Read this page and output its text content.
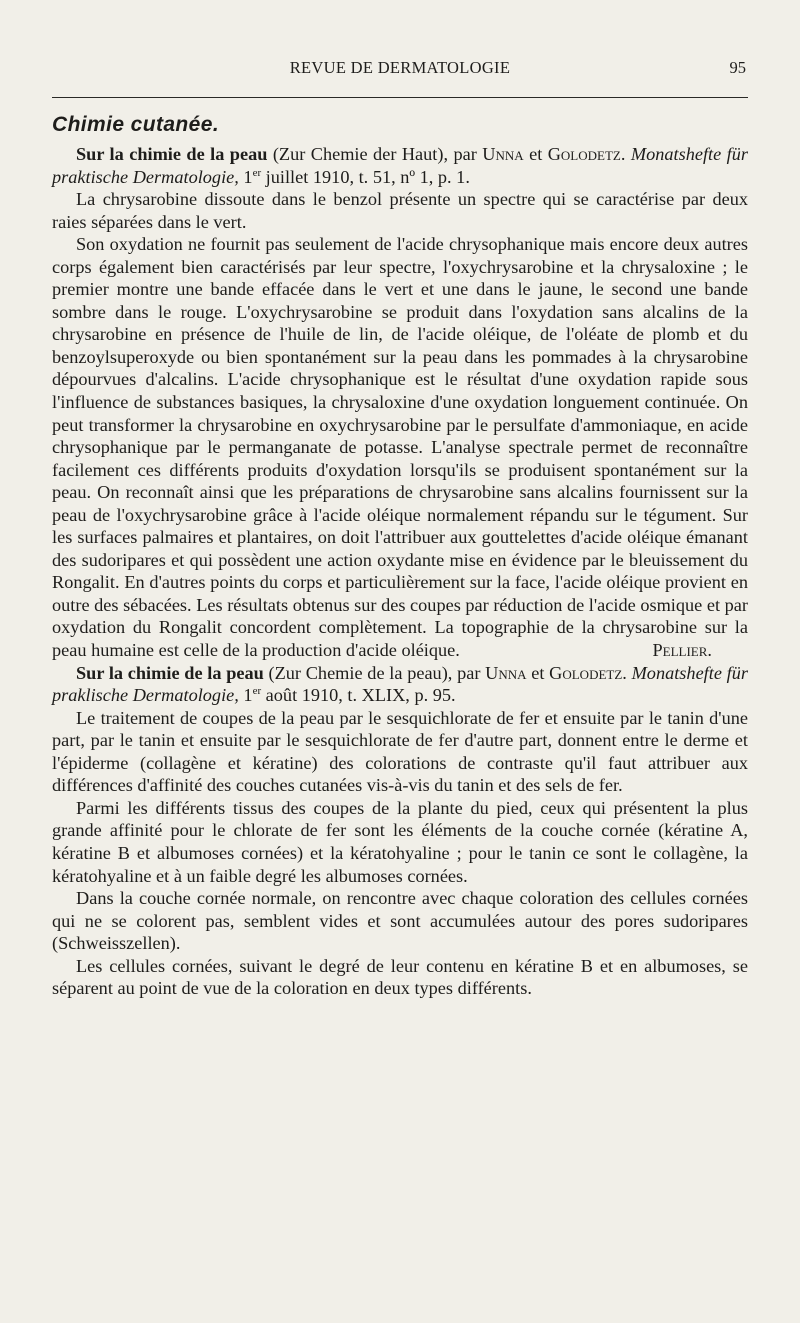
REVUE DE DERMATOLOGIE	95
Chimie cutanée.

Sur la chimie de la peau (Zur Chemie der Haut), par Unna et Golodetz. Monatshefte für praktische Dermatologie, 1er juillet 1910, t. 51, nº 1, p. 1.

La chrysarobine dissoute dans le benzol présente un spectre qui se caractérise par deux raies séparées dans le vert.

Son oxydation ne fournit pas seulement de l'acide chrysophanique mais encore deux autres corps également bien caractérisés par leur spectre, l'oxychrysarobine et la chrysaloxine ; le premier montre une bande effacée dans le vert et une dans le jaune, le second une bande sombre dans le rouge. L'oxychrysarobine se produit dans l'oxydation sans alcalins de la chrysarobine en présence de l'huile de lin, de l'acide oléique, de l'oléate de plomb et du benzoylsuperoxyde ou bien spontanément sur la peau dans les pommades à la chrysarobine dépourvues d'alcalins. L'acide chrysophanique est le résultat d'une oxydation rapide sous l'influence de substances basiques, la chrysaloxine d'une oxydation longuement continuée. On peut transformer la chrysarobine en oxychrysarobine par le persulfate d'ammoniaque, en acide chrysophanique par le permanganate de potasse. L'analyse spectrale permet de reconnaître facilement ces différents produits d'oxydation lorsqu'ils se produisent spontanément sur la peau. On reconnaît ainsi que les préparations de chrysarobine sans alcalins fournissent sur la peau de l'oxychrysarobine grâce à l'acide oléique normalement répandu sur le tégument. Sur les surfaces palmaires et plantaires, on doit l'attribuer aux gouttelettes d'acide oléique émanant des sudoripares et qui possèdent une action oxydante mise en évidence par le bleuissement du Rongalit. En d'autres points du corps et particulièrement sur la face, l'acide oléique provient en outre des sébacées. Les résultats obtenus sur des coupes par réduction de l'acide osmique et par oxydation du Rongalit concordent complètement. La topographie de la chrysarobine sur la peau humaine est celle de la production d'acide oléique.	Pellier.

Sur la chimie de la peau (Zur Chemie de la peau), par Unna et Golodetz. Monatshefte für praklische Dermatologie, 1er août 1910, t. XLIX, p. 95.

Le traitement de coupes de la peau par le sesquichlorate de fer et ensuite par le tanin d'une part, par le tanin et ensuite par le sesquichlorate de fer d'autre part, donnent entre le derme et l'épiderme (collagène et kératine) des colorations de contraste qu'il faut attribuer aux différences d'affinité des couches cutanées vis-à-vis du tanin et des sels de fer.

Parmi les différents tissus des coupes de la plante du pied, ceux qui présentent la plus grande affinité pour le chlorate de fer sont les éléments de la couche cornée (kératine A, kératine B et albumoses cornées) et la kératohyaline ; pour le tanin ce sont le collagène, la kératohyaline et à un faible degré les albumoses cornées.

Dans la couche cornée normale, on rencontre avec chaque coloration des cellules cornées qui ne se colorent pas, semblent vides et sont accumulées autour des pores sudoripares (Schweisszellen).

Les cellules cornées, suivant le degré de leur contenu en kératine B et en albumoses, se séparent au point de vue de la coloration en deux types différents.
